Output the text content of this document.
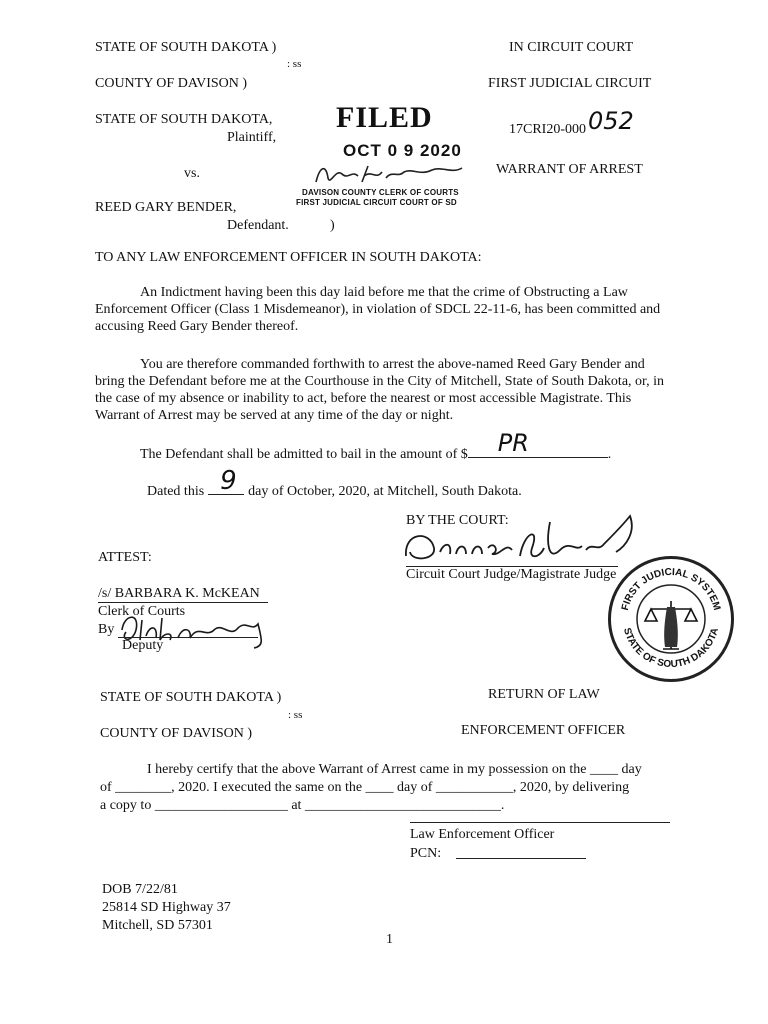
STATE OF SOUTH DAKOTA )
: ss
COUNTY OF DAVISON )
IN CIRCUIT COURT
FIRST JUDICIAL CIRCUIT
STATE OF SOUTH DAKOTA,
Plaintiff,
vs.
REED GARY BENDER,
Defendant.	)
17CRI20-000052
WARRANT OF ARREST
FILED
OCT 0 9 2020
DAVISON COUNTY CLERK OF COURTS
FIRST JUDICIAL CIRCUIT COURT OF SD
TO ANY LAW ENFORCEMENT OFFICER IN SOUTH DAKOTA:
An Indictment having been this day laid before me that the crime of Obstructing a Law Enforcement Officer (Class 1 Misdemeanor), in violation of SDCL 22-11-6, has been committed and accusing Reed Gary Bender thereof.
You are therefore commanded forthwith to arrest the above-named Reed Gary Bender and bring the Defendant before me at the Courthouse in the City of Mitchell, State of South Dakota, or, in the case of my absence or inability to act, before the nearest or most accessible Magistrate. This Warrant of Arrest may be served at any time of the day or night.
The Defendant shall be admitted to bail in the amount of $ PR	.
Dated this 9 day of October, 2020, at Mitchell, South Dakota.
BY THE COURT:
Circuit Court Judge/Magistrate Judge
FIRST JUDICIAL SYSTEM
STATE OF SOUTH DAKOTA
ATTEST:
/s/ BARBARA K. McKEAN
Clerk of Courts
By
Deputy
STATE OF SOUTH DAKOTA )
: ss
COUNTY OF DAVISON )
RETURN OF LAW
ENFORCEMENT OFFICER
I hereby certify that the above Warrant of Arrest came in my possession on the ____ day
of ________, 2020. I executed the same on the ____ day of ___________, 2020, by delivering
a copy to ___________________ at ____________________________.
Law Enforcement Officer
PCN:
DOB 7/22/81
25814 SD Highway 37
Mitchell, SD 57301
1
